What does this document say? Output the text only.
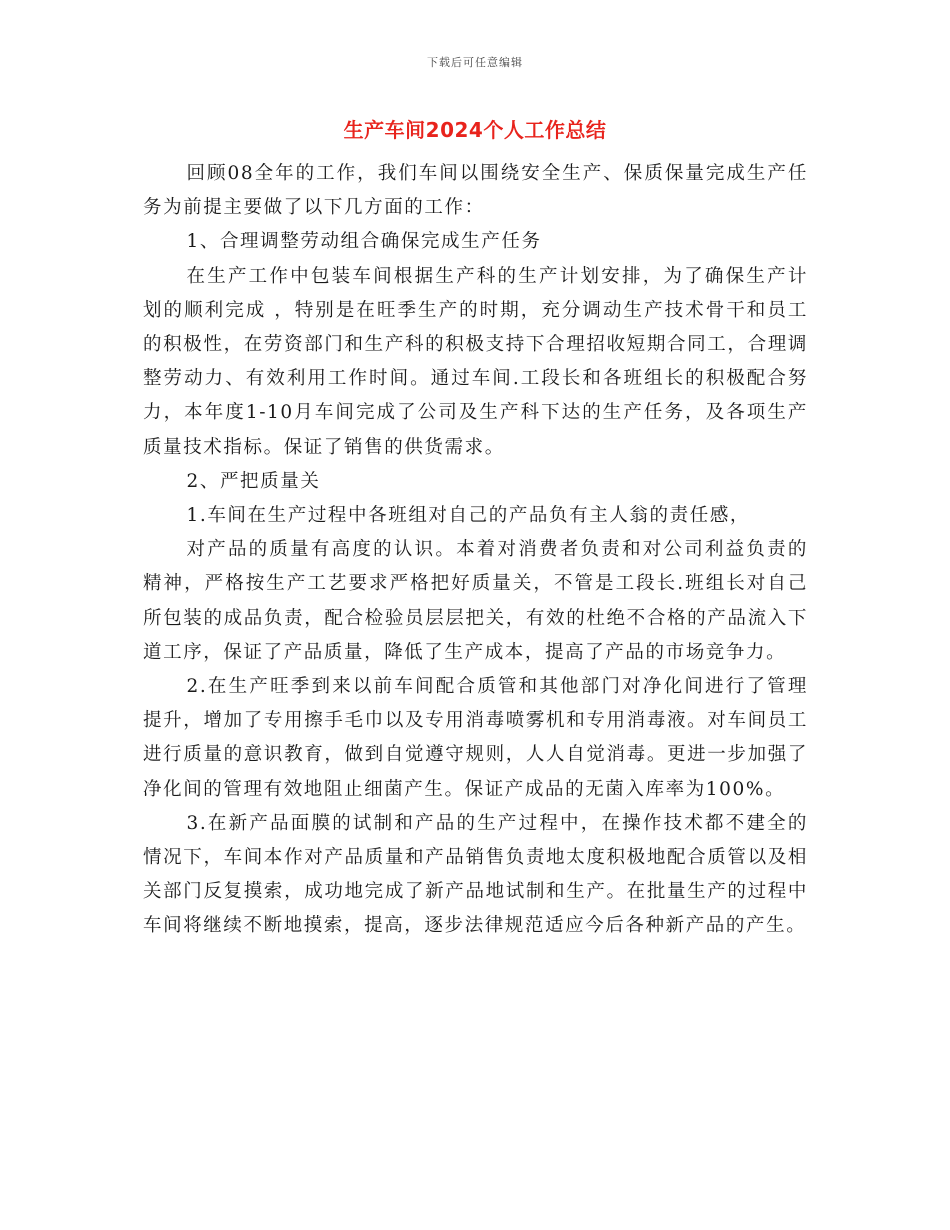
下载后可任意编辑
生产车间2024个人工作总结

回顾08全年的工作，我们车间以围绕安全生产、保质保量完成生产任务为前提主要做了以下几方面的工作：

1、合理调整劳动组合确保完成生产任务

在生产工作中包装车间根据生产科的生产计划安排，为了确保生产计划的顺利完成 ，特别是在旺季生产的时期，充分调动生产技术骨干和员工的积极性，在劳资部门和生产科的积极支持下合理招收短期合同工，合理调整劳动力、有效利用工作时间。通过车间.工段长和各班组长的积极配合努力，本年度1-10月车间完成了公司及生产科下达的生产任务，及各项生产质量技术指标。保证了销售的供货需求。

2、严把质量关

1.车间在生产过程中各班组对自己的产品负有主人翁的责任感，

对产品的质量有高度的认识。本着对消费者负责和对公司利益负责的精神，严格按生产工艺要求严格把好质量关，不管是工段长.班组长对自己所包装的成品负责，配合检验员层层把关，有效的杜绝不合格的产品流入下道工序，保证了产品质量，降低了生产成本，提高了产品的市场竞争力。

2.在生产旺季到来以前车间配合质管和其他部门对净化间进行了管理提升，增加了专用擦手毛巾以及专用消毒喷雾机和专用消毒液。对车间员工进行质量的意识教育，做到自觉遵守规则，人人自觉消毒。更进一步加强了净化间的管理有效地阻止细菌产生。保证产成品的无菌入库率为100%。

3.在新产品面膜的试制和产品的生产过程中，在操作技术都不建全的情况下，车间本作对产品质量和产品销售负责地太度积极地配合质管以及相关部门反复摸索，成功地完成了新产品地试制和生产。在批量生产的过程中车间将继续不断地摸索，提高，逐步法律规范适应今后各种新产品的产生。
